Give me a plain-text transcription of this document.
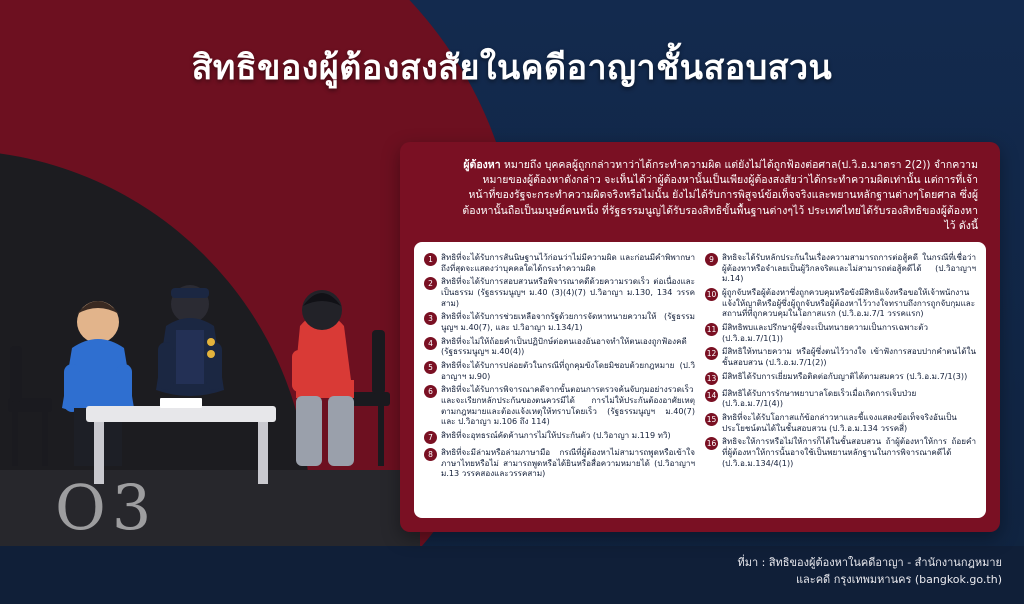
สิทธิของผู้ต้องสงสัยในคดีอาญาชั้นสอบสวน
O3

ผู้ต้องหา หมายถึง บุคคลผู้ถูกกล่าวหาว่าได้กระทำความผิด แต่ยังไม่ได้ถูกฟ้องต่อศาล(ป.วิ.อ.มาตรา 2(2)) จำกความหมายของผู้ต้องหาดังกล่าว จะเห็นได้ว่าผู้ต้องหานั้นเป็นเพียงผู้ต้องสงสัยว่าได้กระทำความผิดเท่านั้น แต่การที่เจ้าหน้าที่ของรัฐจะกระทำความผิดจริงหรือไม่นั้น ยังไม่ได้รับการพิสูจน์ข้อเท็จจริงและพยานหลักฐานต่างๆโดยศาล ซึ่งผู้ต้องหานั้นถือเป็นมนุษย์คนหนึ่ง ที่รัฐธรรมนูญได้รับรองสิทธิขั้นพื้นฐานต่างๆไว้ ประเทศไทยได้รับรองสิทธิของผู้ต้องหาไว้ ดังนี้

1	สิทธิที่จะได้รับการสันนิษฐานไว้ก่อนว่าไม่มีความผิด และก่อนมีคำพิพากษาถึงที่สุดจะแสดงว่าบุคคลใดได้กระทำความผิด
2	สิทธิที่จะได้รับการสอบสวนหรือพิจารณาคดีด้วยความรวดเร็ว ต่อเนื่องและเป็นธรรม (รัฐธรรมนูญฯ ม.40 (3)(4)(7) ป.วิอาญา ม.130, 134 วรรคสาม)
3	สิทธิที่จะได้รับการช่วยเหลือจากรัฐด้วยการจัดหาทนายความให้ (รัฐธรรมนูญฯ ม.40(7), และ ป.วิอาญา ม.134/1)
4	สิทธิที่จะไม่ให้ถ้อยคำเป็นปฏิปักษ์ต่อตนเองอันอาจทำให้ตนเองถูกฟ้องคดี (รัฐธรรมนูญฯ ม.40(4))
5	สิทธิที่จะได้รับการปล่อยตัวในกรณีที่ถูกคุมขังโดยมิชอบด้วยกฎหมาย (ป.วิอาญาฯ ม.90)
6	สิทธิที่จะได้รับการพิจารณาคดีจากขั้นตอนการตรวจค้นจับกุมอย่างรวดเร็ว และจะเรียกหลักประกันของตนควรมีได้ การไม่ให้ประกันต้องอาศัยเหตุตามกฎหมายและต้องแจ้งเหตุให้ทราบโดยเร็ว (รัฐธรรมนูญฯ ม.40(7) และ ป.วิอาญา ม.106 ถึง 114)
7	สิทธิที่จะอุทธรณ์คัดค้านการไม่ให้ประกันตัว (ป.วิอาญา ม.119 ทวิ)
8	สิทธิที่จะมีล่ามหรือล่ามภาษามือ กรณีที่ผู้ต้องหาไม่สามารถพูดหรือเข้าใจภาษาไทยหรือไม่ สามารถพูดหรือได้ยินหรือสื่อความหมายได้ (ป.วิอาญาฯ ม.13 วรรคสองและวรรคสาม)
9	สิทธิจะได้รับหลักประกันในเรื่องความสามารถการต่อสู้คดี ในกรณีที่เชื่อว่าผู้ต้องหาหรือจำเลยเป็นผู้วิกลจริตและไม่สามารถต่อสู้คดีได้ (ป.วิอาญาฯ ม.14)
10 ผู้ถูกจับหรือผู้ต้องหาซึ่งถูกควบคุมหรือขังมีสิทธิแจ้งหรือขอให้เจ้าพนักงานแจ้งให้ญาติหรือผู้ซึ่งผู้ถูกจับหรือผู้ต้องหาไว้วางใจทราบถึงการถูกจับกุมและสถานที่ที่ถูกควบคุมในโอกาสแรก (ป.วิ.อ.ม.7/1 วรรคแรก)
11 มีสิทธิพบและปรึกษาผู้ซึ่งจะเป็นทนายความเป็นการเฉพาะตัว (ป.วิ.อ.ม.7/1(1))
12 มีสิทธิให้ทนายความ หรือผู้ซึ่งตนไว้วางใจ เข้าฟังการสอบปากคำตนได้ในชั้นสอบสวน (ป.วิ.อ.ม.7/1(2))
13 มีสิทธิได้รับการเยี่ยมหรือติดต่อกับญาติได้ตามสมควร (ป.วิ.อ.ม.7/1(3))
14 มีสิทธิได้รับการรักษาพยาบาลโดยเร็วเมื่อเกิดการเจ็บป่วย (ป.วิ.อ.ม.7/1(4))
15 สิทธิที่จะได้รับโอกาสแก้ข้อกล่าวหาและชี้แจงแสดงข้อเท็จจริงอันเป็นประโยชน์ตนได้ในชั้นสอบสวน (ป.วิ.อ.ม.134 วรรคสี่)
16 สิทธิจะให้การหรือไม่ให้การก็ได้ในชั้นสอบสวน ถ้าผู้ต้องหาให้การ ถ้อยคำที่ผู้ต้องหาให้การนั้นอาจใช้เป็นพยานหลักฐานในการพิจารณาคดีได้ (ป.วิ.อ.ม.134/4(1))
ที่มา : สิทธิของผู้ต้องหาในคดีอาญา - สำนักงานกฎหมาย
และคดี กรุงเทพมหานคร (bangkok.go.th)
